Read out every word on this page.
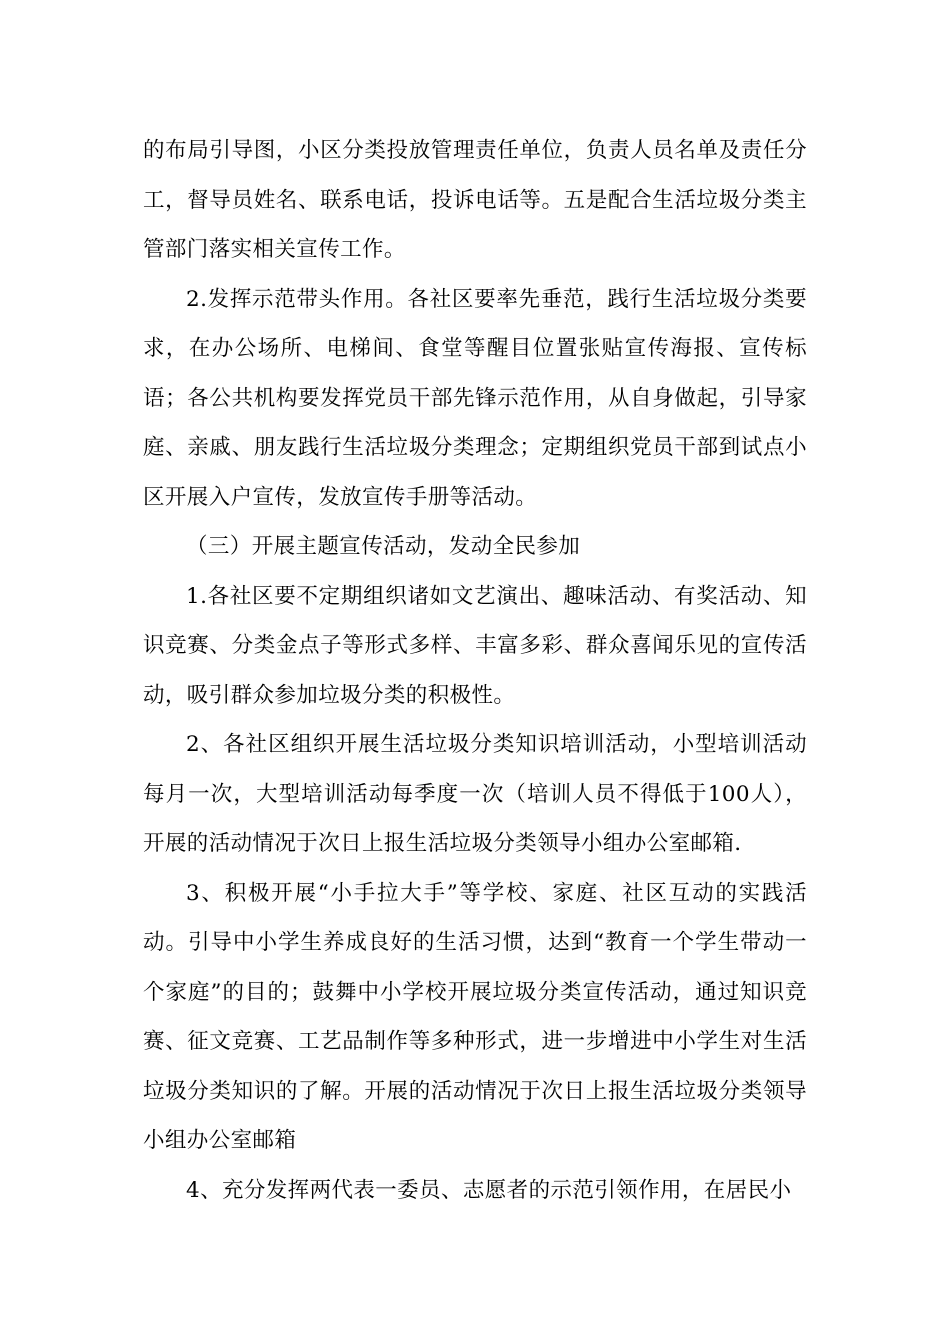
的布局引导图，小区分类投放管理责任单位，负责人员名单及责任分工，督导员姓名、联系电话，投诉电话等。五是配合生活垃圾分类主管部门落实相关宣传工作。

2.发挥示范带头作用。各社区要率先垂范，践行生活垃圾分类要求，在办公场所、电梯间、食堂等醒目位置张贴宣传海报、宣传标语；各公共机构要发挥党员干部先锋示范作用，从自身做起，引导家庭、亲戚、朋友践行生活垃圾分类理念；定期组织党员干部到试点小区开展入户宣传，发放宣传手册等活动。

（三）开展主题宣传活动，发动全民参加

1.各社区要不定期组织诸如文艺演出、趣味活动、有奖活动、知识竞赛、分类金点子等形式多样、丰富多彩、群众喜闻乐见的宣传活动，吸引群众参加垃圾分类的积极性。

2、各社区组织开展生活垃圾分类知识培训活动，小型培训活动每月一次，大型培训活动每季度一次（培训人员不得低于100人），开展的活动情况于次日上报生活垃圾分类领导小组办公室邮箱.

3、积极开展“小手拉大手”等学校、家庭、社区互动的实践活动。引导中小学生养成良好的生活习惯，达到“教育一个学生带动一个家庭”的目的；鼓舞中小学校开展垃圾分类宣传活动，通过知识竞赛、征文竞赛、工艺品制作等多种形式，进一步增进中小学生对生活垃圾分类知识的了解。开展的活动情况于次日上报生活垃圾分类领导小组办公室邮箱

4、充分发挥两代表一委员、志愿者的示范引领作用，在居民小
